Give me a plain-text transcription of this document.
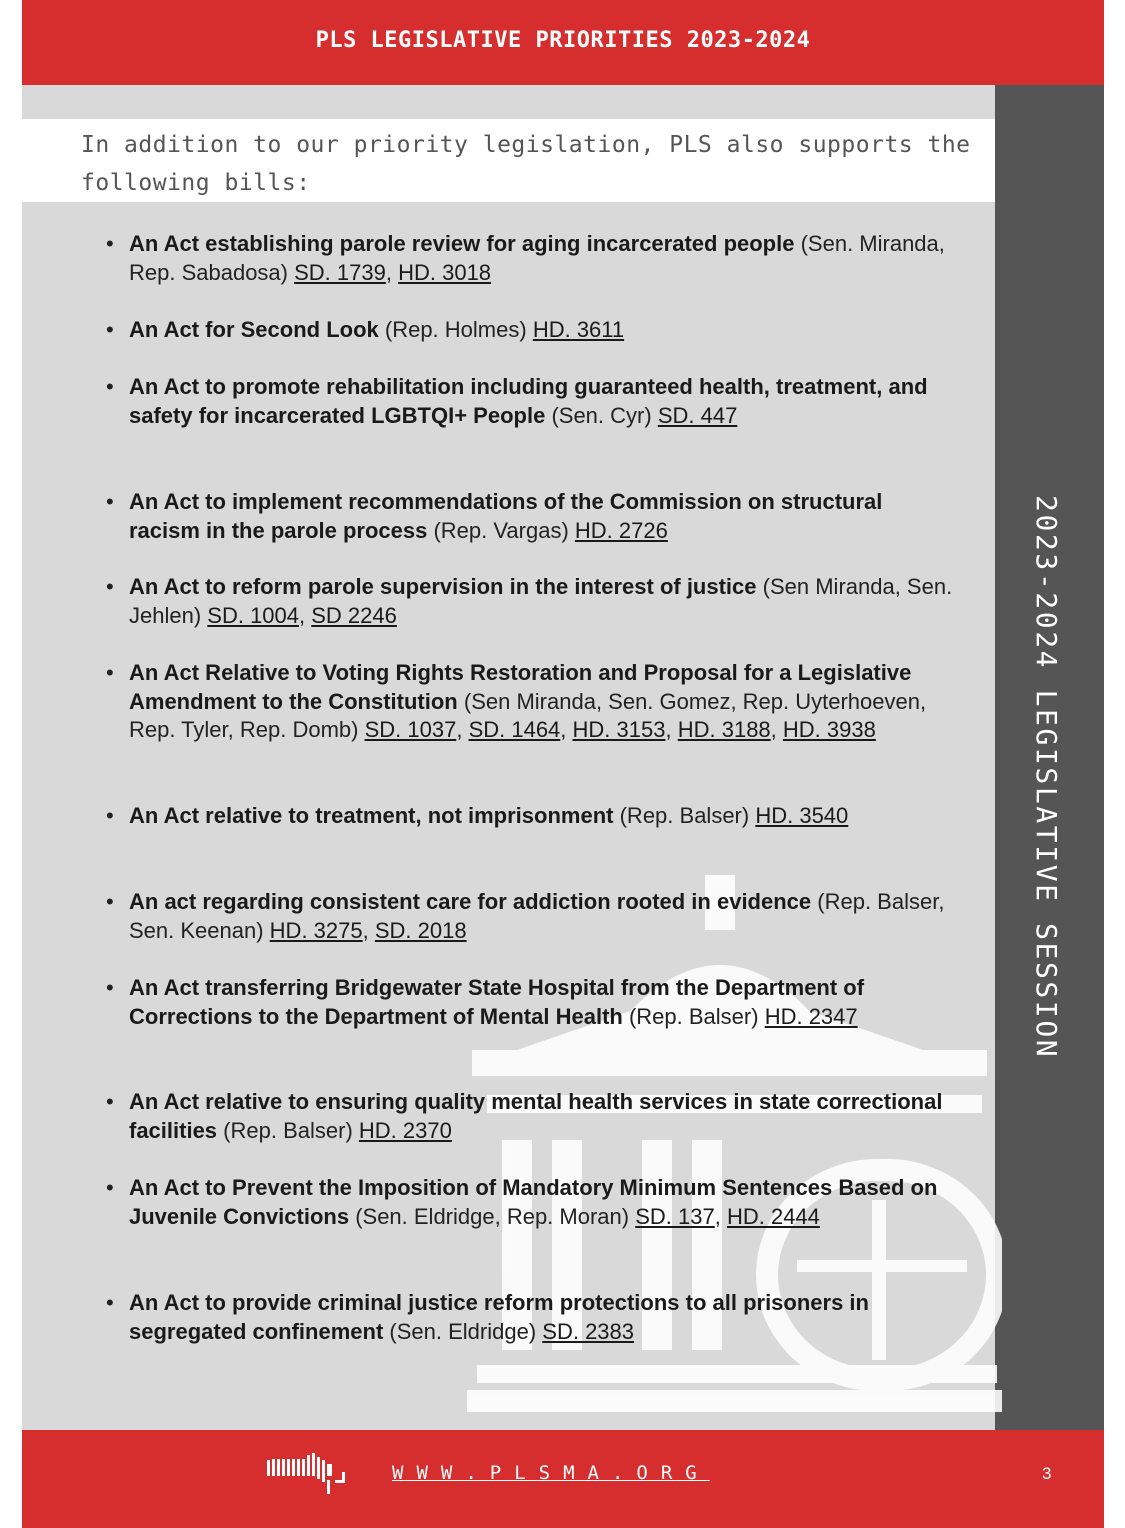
PLS LEGISLATIVE PRIORITIES 2023-2024
2023-2024 LEGISLATIVE SESSION
In addition to our priority legislation, PLS also supports the
following bills:
• An Act establishing parole review for aging incarcerated people (Sen. Miranda, Rep. Sabadosa) SD. 1739, HD. 3018
• An Act for Second Look (Rep. Holmes) HD. 3611
• An Act to promote rehabilitation including guaranteed health, treatment, and safety for incarcerated LGBTQI+ People (Sen. Cyr) SD. 447
• An Act to implement recommendations of the Commission on structural racism in the parole process (Rep. Vargas) HD. 2726
• An Act to reform parole supervision in the interest of justice (Sen Miranda, Sen. Jehlen) SD. 1004, SD 2246
• An Act Relative to Voting Rights Restoration and Proposal for a Legislative Amendment to the Constitution (Sen Miranda, Sen. Gomez, Rep. Uyterhoeven, Rep. Tyler, Rep. Domb) SD. 1037, SD. 1464, HD. 3153, HD. 3188, HD. 3938
• An Act relative to treatment, not imprisonment (Rep. Balser) HD. 3540
• An act regarding consistent care for addiction rooted in evidence (Rep. Balser, Sen. Keenan) HD. 3275, SD. 2018
• An Act transferring Bridgewater State Hospital from the Department of Corrections to the Department of Mental Health (Rep. Balser) HD. 2347
• An Act relative to ensuring quality mental health services in state correctional facilities (Rep. Balser) HD. 2370
• An Act to Prevent the Imposition of Mandatory Minimum Sentences Based on Juvenile Convictions (Sen. Eldridge, Rep. Moran) SD. 137, HD. 2444
• An Act to provide criminal justice reform protections to all prisoners in segregated confinement (Sen. Eldridge) SD. 2383
WWW.PLSMA.ORG	3
